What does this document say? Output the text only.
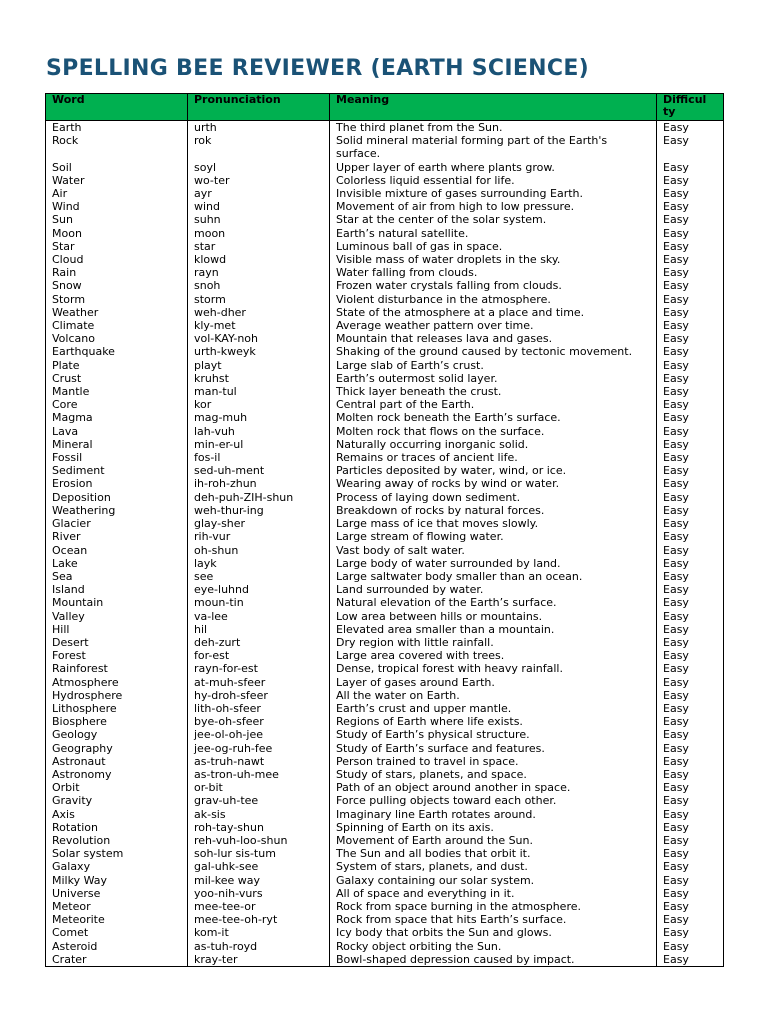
SPELLING BEE REVIEWER (EARTH SCIENCE)
Word	Pronunciation	Meaning	Difficul ty
Earth	urth	The third planet from the Sun.	Easy
Rock	rok	Solid mineral material forming part of the Earth's surface.	Easy
Soil	soyl	Upper layer of earth where plants grow.	Easy
Water	wo-ter	Colorless liquid essential for life.	Easy
Air	ayr	Invisible mixture of gases surrounding Earth.	Easy
Wind	wind	Movement of air from high to low pressure.	Easy
Sun	suhn	Star at the center of the solar system.	Easy
Moon	moon	Earth’s natural satellite.	Easy
Star	star	Luminous ball of gas in space.	Easy
Cloud	klowd	Visible mass of water droplets in the sky.	Easy
Rain	rayn	Water falling from clouds.	Easy
Snow	snoh	Frozen water crystals falling from clouds.	Easy
Storm	storm	Violent disturbance in the atmosphere.	Easy
Weather	weh-dher	State of the atmosphere at a place and time.	Easy
Climate	kly-met	Average weather pattern over time.	Easy
Volcano	vol-KAY-noh	Mountain that releases lava and gases.	Easy
Earthquake	urth-kweyk	Shaking of the ground caused by tectonic movement.	Easy
Plate	playt	Large slab of Earth’s crust.	Easy
Crust	kruhst	Earth’s outermost solid layer.	Easy
Mantle	man-tul	Thick layer beneath the crust.	Easy
Core	kor	Central part of the Earth.	Easy
Magma	mag-muh	Molten rock beneath the Earth’s surface.	Easy
Lava	lah-vuh	Molten rock that flows on the surface.	Easy
Mineral	min-er-ul	Naturally occurring inorganic solid.	Easy
Fossil	fos-il	Remains or traces of ancient life.	Easy
Sediment	sed-uh-ment	Particles deposited by water, wind, or ice.	Easy
Erosion	ih-roh-zhun	Wearing away of rocks by wind or water.	Easy
Deposition	deh-puh-ZIH-shun	Process of laying down sediment.	Easy
Weathering	weh-thur-ing	Breakdown of rocks by natural forces.	Easy
Glacier	glay-sher	Large mass of ice that moves slowly.	Easy
River	rih-vur	Large stream of flowing water.	Easy
Ocean	oh-shun	Vast body of salt water.	Easy
Lake	layk	Large body of water surrounded by land.	Easy
Sea	see	Large saltwater body smaller than an ocean.	Easy
Island	eye-luhnd	Land surrounded by water.	Easy
Mountain	moun-tin	Natural elevation of the Earth’s surface.	Easy
Valley	va-lee	Low area between hills or mountains.	Easy
Hill	hil	Elevated area smaller than a mountain.	Easy
Desert	deh-zurt	Dry region with little rainfall.	Easy
Forest	for-est	Large area covered with trees.	Easy
Rainforest	rayn-for-est	Dense, tropical forest with heavy rainfall.	Easy
Atmosphere	at-muh-sfeer	Layer of gases around Earth.	Easy
Hydrosphere	hy-droh-sfeer	All the water on Earth.	Easy
Lithosphere	lith-oh-sfeer	Earth’s crust and upper mantle.	Easy
Biosphere	bye-oh-sfeer	Regions of Earth where life exists.	Easy
Geology	jee-ol-oh-jee	Study of Earth’s physical structure.	Easy
Geography	jee-og-ruh-fee	Study of Earth’s surface and features.	Easy
Astronaut	as-truh-nawt	Person trained to travel in space.	Easy
Astronomy	as-tron-uh-mee	Study of stars, planets, and space.	Easy
Orbit	or-bit	Path of an object around another in space.	Easy
Gravity	grav-uh-tee	Force pulling objects toward each other.	Easy
Axis	ak-sis	Imaginary line Earth rotates around.	Easy
Rotation	roh-tay-shun	Spinning of Earth on its axis.	Easy
Revolution	reh-vuh-loo-shun	Movement of Earth around the Sun.	Easy
Solar system	soh-lur sis-tum	The Sun and all bodies that orbit it.	Easy
Galaxy	gal-uhk-see	System of stars, planets, and dust.	Easy
Milky Way	mil-kee way	Galaxy containing our solar system.	Easy
Universe	yoo-nih-vurs	All of space and everything in it.	Easy
Meteor	mee-tee-or	Rock from space burning in the atmosphere.	Easy
Meteorite	mee-tee-oh-ryt	Rock from space that hits Earth’s surface.	Easy
Comet	kom-it	Icy body that orbits the Sun and glows.	Easy
Asteroid	as-tuh-royd	Rocky object orbiting the Sun.	Easy
Crater	kray-ter	Bowl-shaped depression caused by impact.	Easy
